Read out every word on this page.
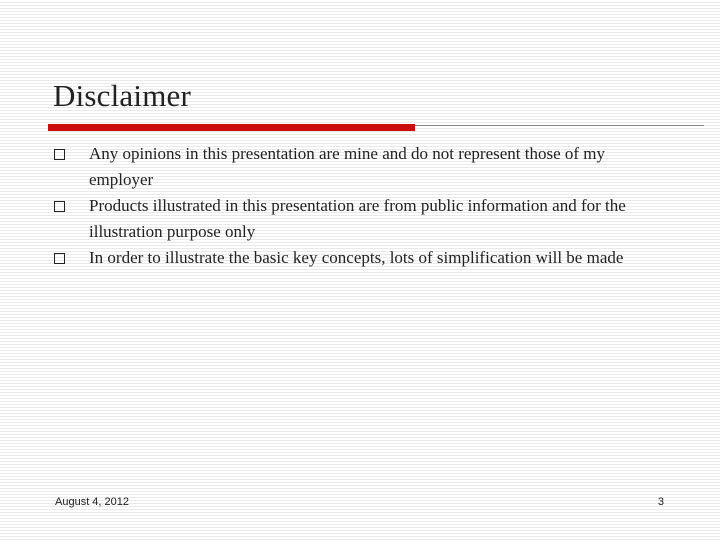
Disclaimer
Any opinions in this presentation are mine and do not represent those of my employer
Products illustrated in this presentation are from public information and for the illustration purpose only
In order to illustrate the basic key concepts, lots of simplification will be made
August 4, 2012	3
